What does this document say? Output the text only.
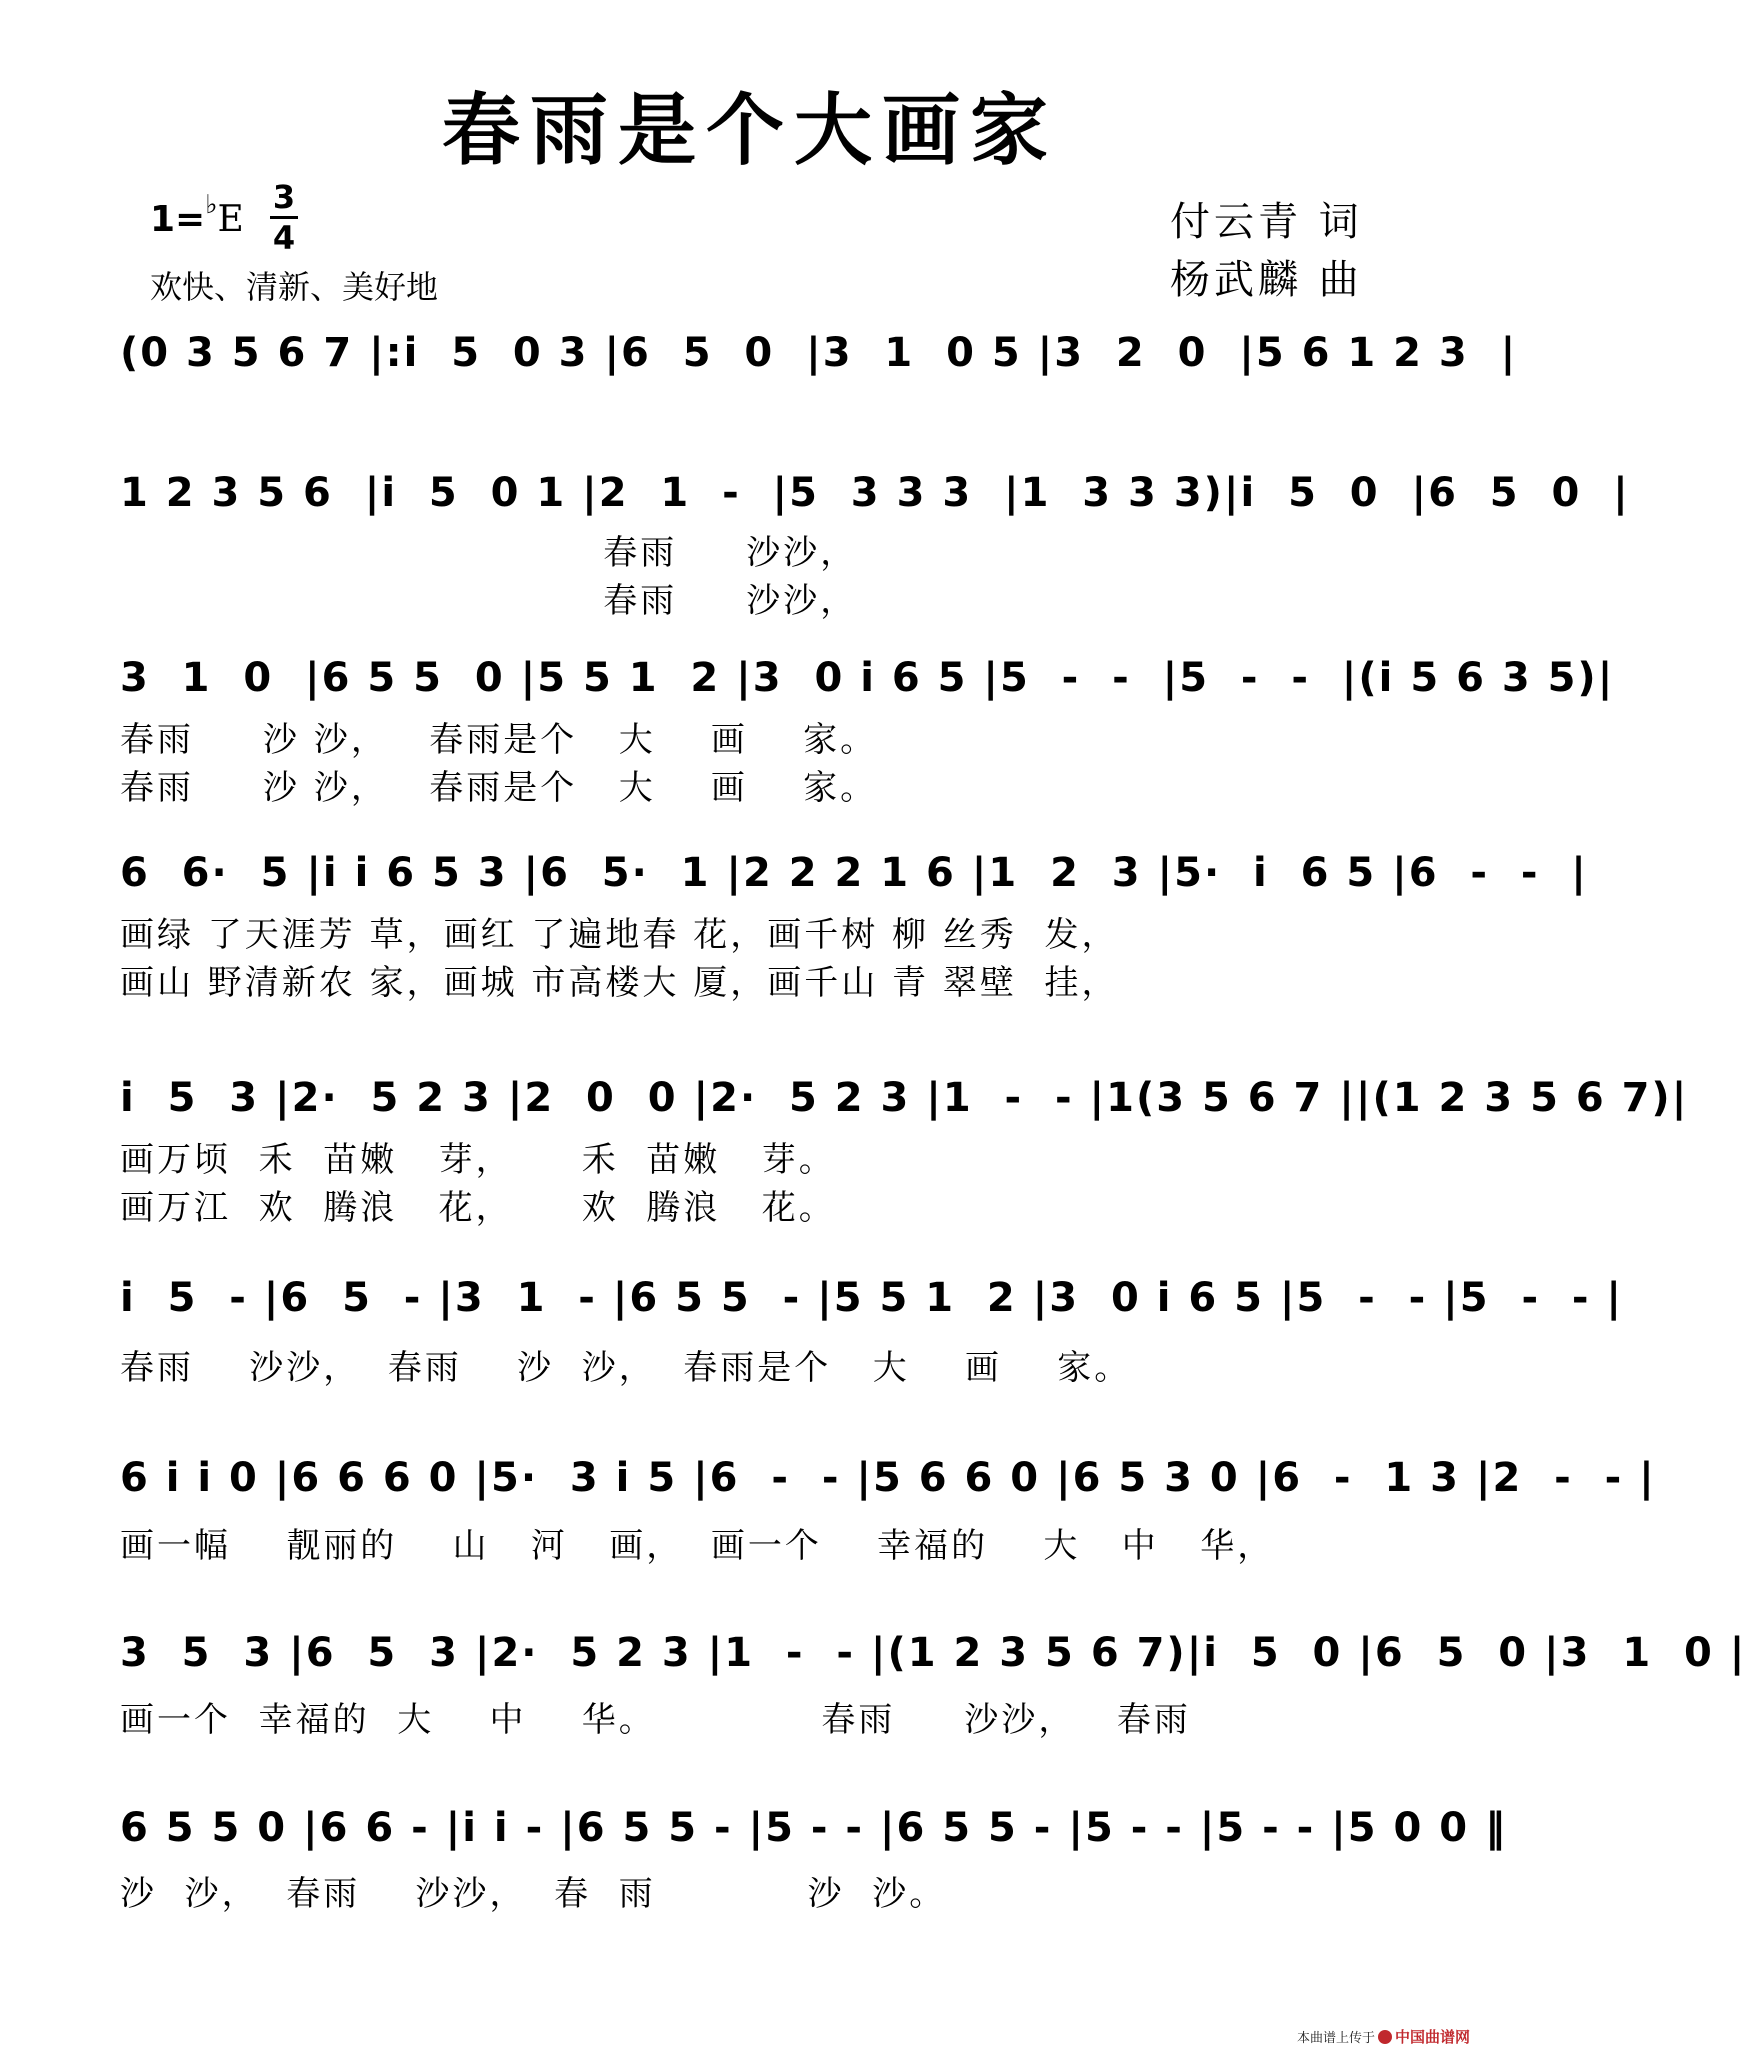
春雨是个大画家
1=♭E
3
4
欢快、清新、美好地
付云青 词
杨武麟 曲
(0 3 5 6 7 |:i  5  0 3 |6  5  0  |3  1  0 5 |3  2  0  |5 6 1 2 3  |
1 2 3 5 6  |i  5  0 1 |2  1  -  |5  3 3 3  |1  3 3 3)|i  5  0  |6  5  0  |
春雨     沙沙，
春雨     沙沙，
3  1  0  |6 5 5  0 |5 5 1  2 |3  0 i 6 5 |5  -  -  |5  -  -  |(i 5 6 3 5)|
春雨     沙 沙，   春雨是个   大    画    家。
春雨     沙 沙，   春雨是个   大    画    家。
6  6·  5 |i i 6 5 3 |6  5·  1 |2 2 2 1 6 |1  2  3 |5·  i  6 5 |6  -  -  |
画绿 了天涯芳 草，画红 了遍地春 花，画千树 柳 丝秀  发，
画山 野清新农 家，画城 市高楼大 厦，画千山 青 翠壁  挂，
i  5  3 |2·  5 2 3 |2  0  0 |2·  5 2 3 |1  -  - |1(3 5 6 7 ||(1 2 3 5 6 7)|
画万顷  禾  苗嫩   芽，     禾  苗嫩   芽。
画万江  欢  腾浪   花，     欢  腾浪   花。
i  5  - |6  5  - |3  1  - |6 5 5  - |5 5 1  2 |3  0 i 6 5 |5  -  - |5  -  - |
春雨    沙沙，  春雨    沙  沙，  春雨是个   大    画    家。
6 i i 0 |6 6 6 0 |5·  3 i 5 |6  -  - |5 6 6 0 |6 5 3 0 |6  -  1 3 |2  -  - |
画一幅    靓丽的    山   河   画，  画一个    幸福的    大   中   华，
3  5  3 |6  5  3 |2·  5 2 3 |1  -  - |(1 2 3 5 6 7)|i  5  0 |6  5  0 |3  1  0 |
画一个  幸福的  大    中    华。            春雨     沙沙，   春雨
6 5 5 0 |6 6 - |i i - |6 5 5 - |5 - - |6 5 5 - |5 - - |5 - - |5 0 0 ‖
沙  沙，  春雨    沙沙，  春  雨           沙  沙。
本曲谱上传于 中国曲谱网
